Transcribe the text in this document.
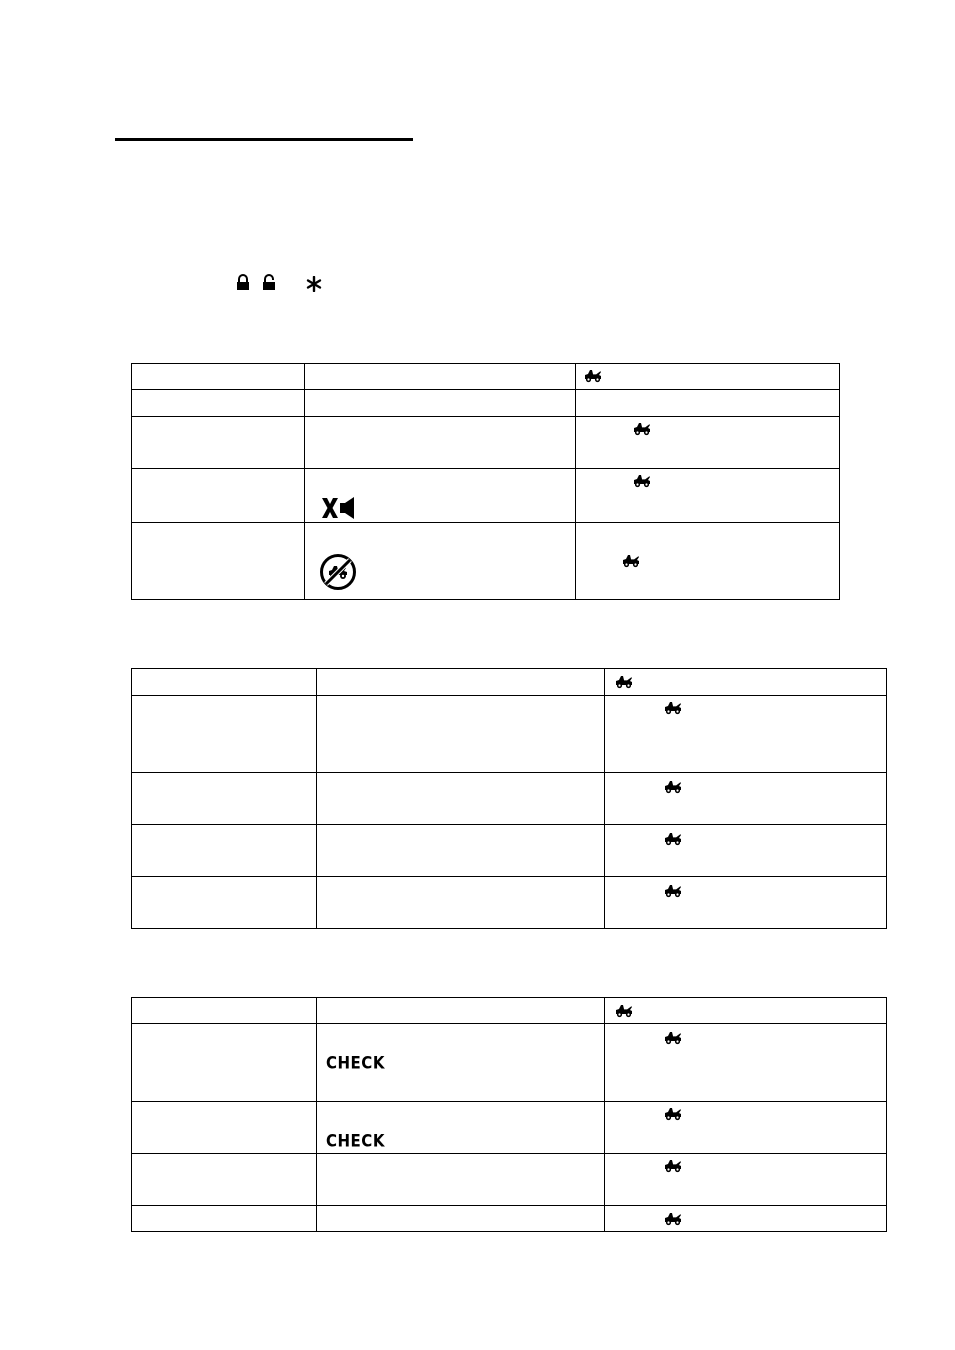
	CHECK

	CHECK
